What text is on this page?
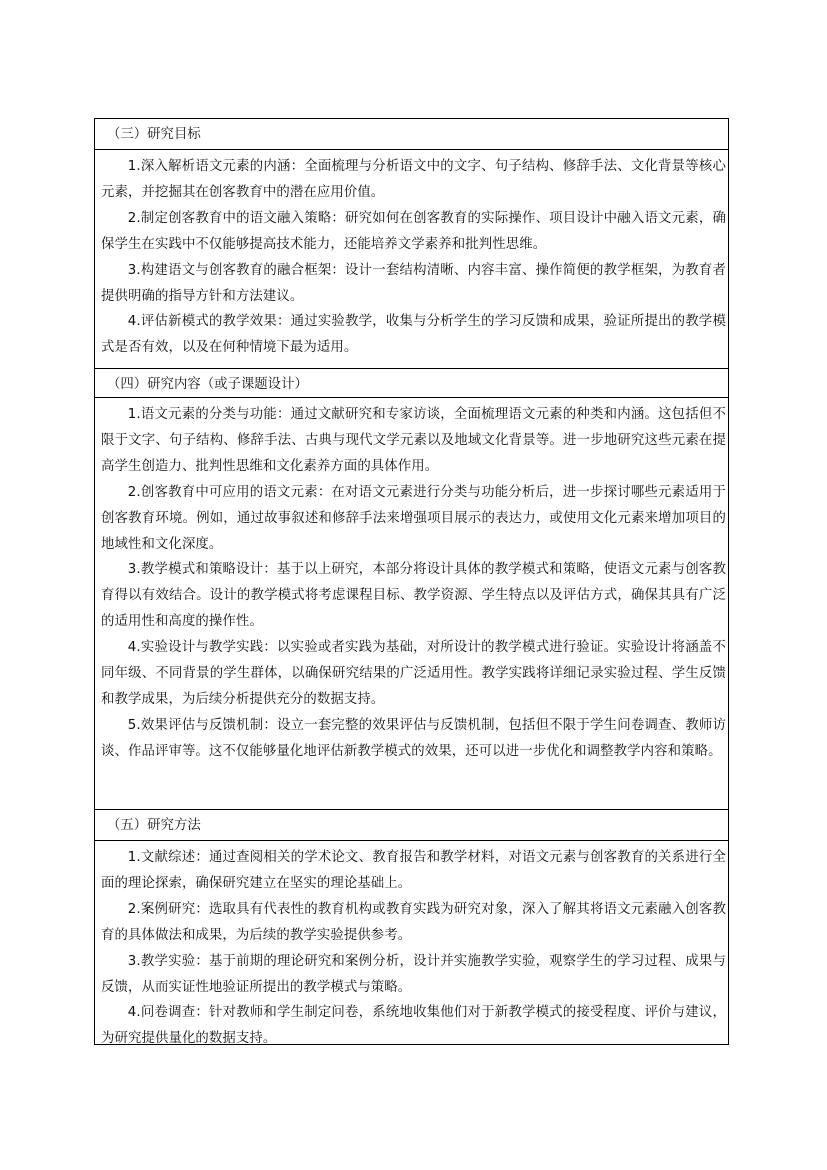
（三）研究目标

1.深入解析语文元素的内涵：全面梳理与分析语文中的文字、句子结构、修辞手法、文化背景等核心元素，并挖掘其在创客教育中的潜在应用价值。

2.制定创客教育中的语文融入策略：研究如何在创客教育的实际操作、项目设计中融入语文元素，确保学生在实践中不仅能够提高技术能力，还能培养文学素养和批判性思维。

3.构建语文与创客教育的融合框架：设计一套结构清晰、内容丰富、操作简便的教学框架，为教育者提供明确的指导方针和方法建议。

4.评估新模式的教学效果：通过实验教学，收集与分析学生的学习反馈和成果，验证所提出的教学模式是否有效，以及在何种情境下最为适用。

（四）研究内容（或子课题设计）

1.语文元素的分类与功能：通过文献研究和专家访谈，全面梳理语文元素的种类和内涵。这包括但不限于文字、句子结构、修辞手法、古典与现代文学元素以及地域文化背景等。进一步地研究这些元素在提高学生创造力、批判性思维和文化素养方面的具体作用。

2.创客教育中可应用的语文元素：在对语文元素进行分类与功能分析后，进一步探讨哪些元素适用于创客教育环境。例如，通过故事叙述和修辞手法来增强项目展示的表达力，或使用文化元素来增加项目的地域性和文化深度。

3.教学模式和策略设计：基于以上研究，本部分将设计具体的教学模式和策略，使语文元素与创客教育得以有效结合。设计的教学模式将考虑课程目标、教学资源、学生特点以及评估方式，确保其具有广泛的适用性和高度的操作性。

4.实验设计与教学实践：以实验或者实践为基础，对所设计的教学模式进行验证。实验设计将涵盖不同年级、不同背景的学生群体，以确保研究结果的广泛适用性。教学实践将详细记录实验过程、学生反馈和教学成果，为后续分析提供充分的数据支持。

5.效果评估与反馈机制：设立一套完整的效果评估与反馈机制，包括但不限于学生问卷调查、教师访谈、作品评审等。这不仅能够量化地评估新教学模式的效果，还可以进一步优化和调整教学内容和策略。

（五）研究方法

1.文献综述：通过查阅相关的学术论文、教育报告和教学材料，对语文元素与创客教育的关系进行全面的理论探索，确保研究建立在坚实的理论基础上。

2.案例研究：选取具有代表性的教育机构或教育实践为研究对象，深入了解其将语文元素融入创客教育的具体做法和成果，为后续的教学实验提供参考。

3.教学实验：基于前期的理论研究和案例分析，设计并实施教学实验，观察学生的学习过程、成果与反馈，从而实证性地验证所提出的教学模式与策略。

4.问卷调查：针对教师和学生制定问卷，系统地收集他们对于新教学模式的接受程度、评价与建议，为研究提供量化的数据支持。
